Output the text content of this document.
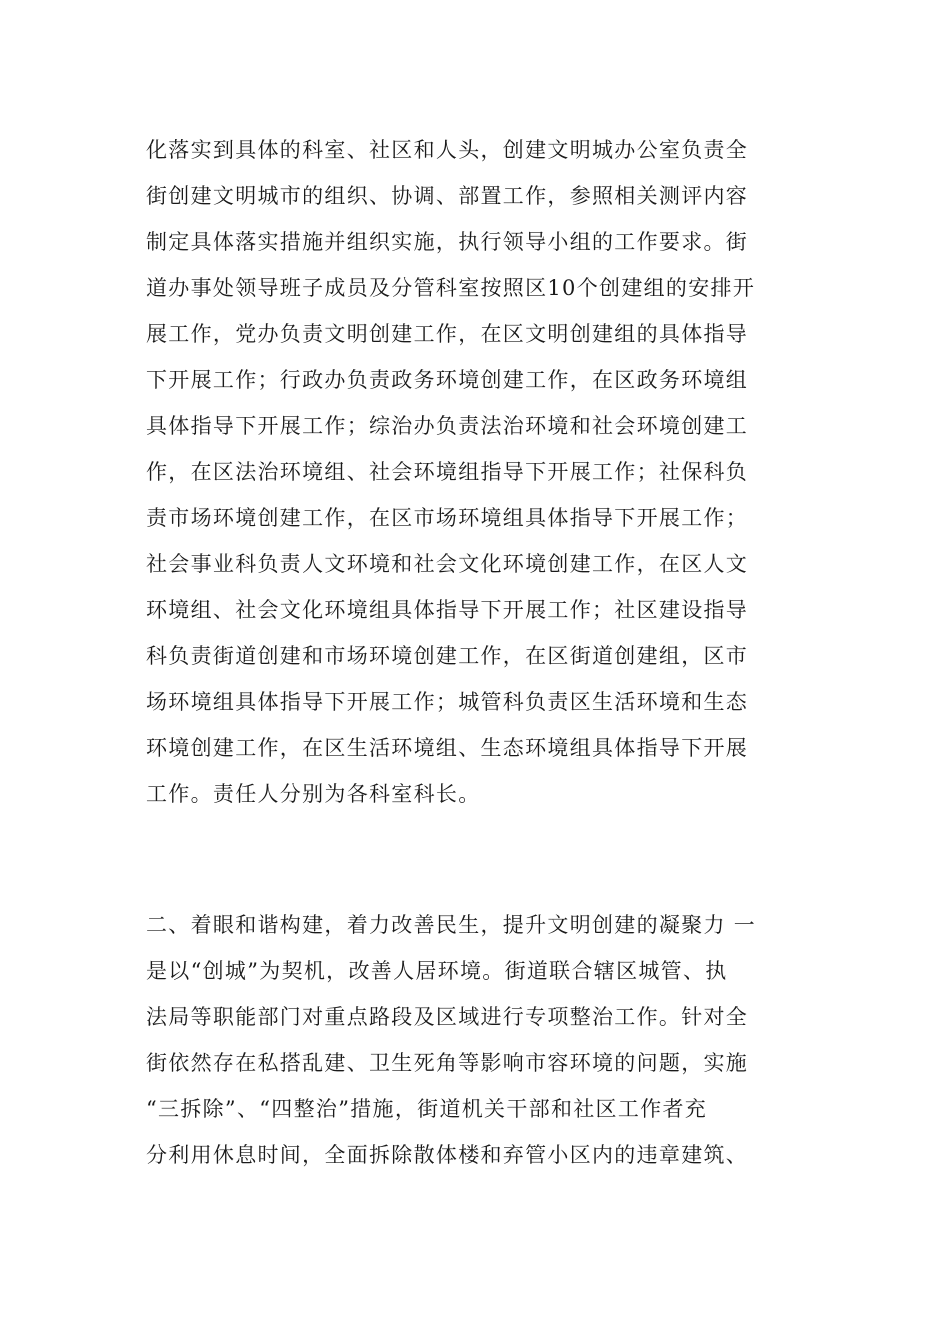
化落实到具体的科室、社区和人头，创建文明城办公室负责全
街创建文明城市的组织、协调、部置工作，参照相关测评内容
制定具体落实措施并组织实施，执行领导小组的工作要求。街
道办事处领导班子成员及分管科室按照区10个创建组的安排开
展工作，党办负责文明创建工作，在区文明创建组的具体指导
下开展工作；行政办负责政务环境创建工作，在区政务环境组
具体指导下开展工作；综治办负责法治环境和社会环境创建工
作，在区法治环境组、社会环境组指导下开展工作；社保科负
责市场环境创建工作，在区市场环境组具体指导下开展工作；
社会事业科负责人文环境和社会文化环境创建工作，在区人文
环境组、社会文化环境组具体指导下开展工作；社区建设指导
科负责街道创建和市场环境创建工作，在区街道创建组，区市
场环境组具体指导下开展工作；城管科负责区生活环境和生态
环境创建工作，在区生活环境组、生态环境组具体指导下开展
工作。责任人分别为各科室科长。
二、着眼和谐构建，着力改善民生，提升文明创建的凝聚力 一
是以“创城”为契机，改善人居环境。街道联合辖区城管、执
法局等职能部门对重点路段及区域进行专项整治工作。针对全
街依然存在私搭乱建、卫生死角等影响市容环境的问题，实施
“三拆除”、“四整治”措施，街道机关干部和社区工作者充
分利用休息时间，全面拆除散体楼和弃管小区内的违章建筑、
